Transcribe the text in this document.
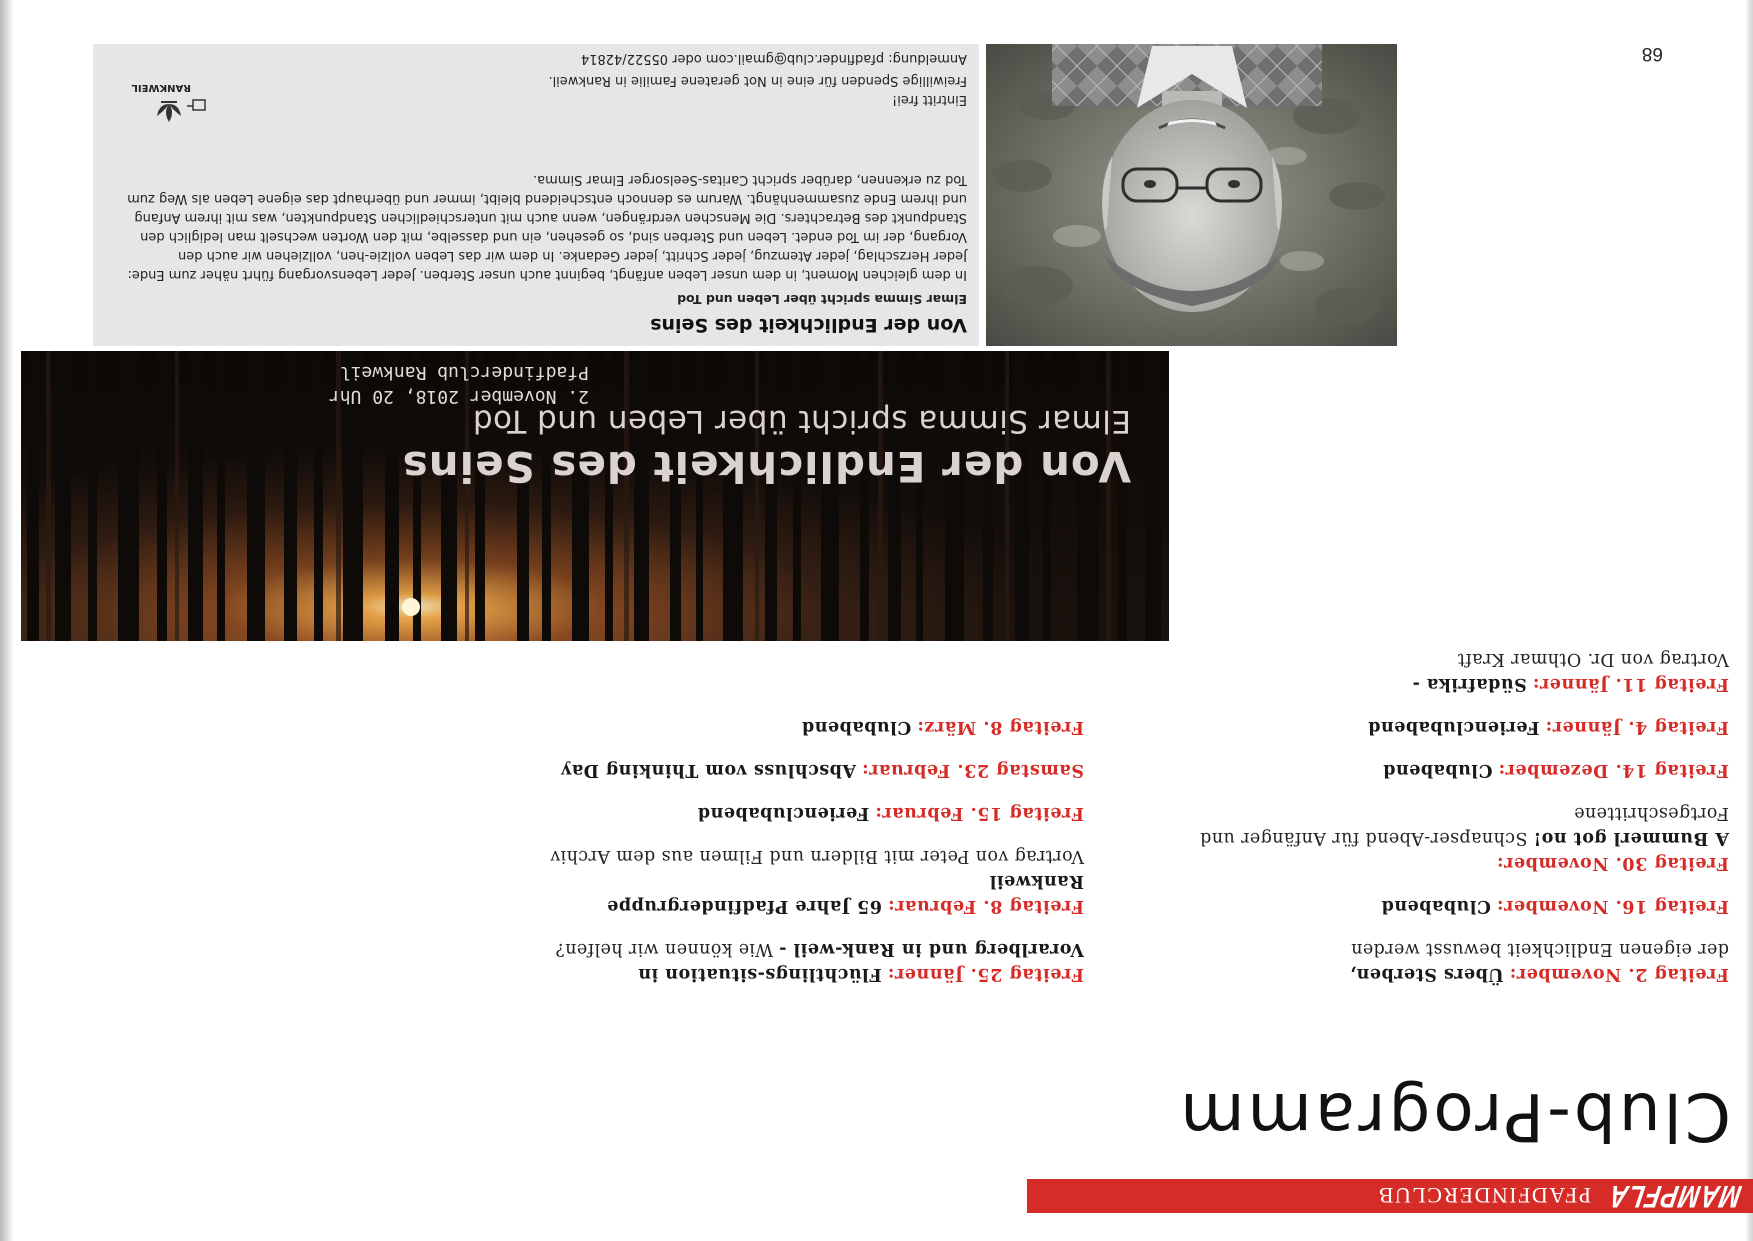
68
MAMPFLA
PFADFINDERCLUB
Club-Programm

Freitag 2. November: Übers Sterben,
der eigenen Endlichkeit bewusst werden

Freitag 16. November: Clubabend

Freitag 30. November:
A Bummerl got no! Schnapser-Abend für Anfänger und Fortgeschrittene

Freitag 14. Dezember: Clubabend

Freitag 4. Jänner: Ferienclubabend

Freitag 11. Jänner: Südafrika -
Vortrag von Dr. Othmar Kraft

Freitag 25. Jänner: Flüchtlings-situation in Vorarlberg und in Rank-weil - Wie können wir helfen?

Freitag 8. Februar: 65 Jahre Pfadfindergruppe Rankweil
Vortrag von Peter mit Bildern und Filmen aus dem Archiv

Freitag 15. Februar: Ferienclubabend

Samstag 23. Februar: Abschluss vom Thinking Day

Freitag 8. März: Clubabend

Von der Endlichkeit des Seins
Elmar Simma spricht über Leben und Tod
2. November 2018, 20 Uhr
Pfadfinderclub Rankweil
Von der Endlichkeit des Seins
Elmar Simma spricht über Leben und Tod

In dem gleichen Moment, in dem unser Leben anfängt, beginnt auch unser Sterben. Jeder Lebensvorgang führt näher zum Ende: Jeder Herzschlag, jeder Atemzug, jeder Schritt, jeder Gedanke. In dem wir das Leben vollzie-hen, vollziehen wir auch den Vorgang, der im Tod endet. Leben und Sterben sind, so gesehen, ein und dasselbe, mit den Worten wechselt man lediglich den Standpunkt des Betrachters. Die Menschen verdrängen, wenn auch mit unterschiedlichen Standpunkten, was mit ihrem Anfang und ihrem Ende zusammenhängt. Warum es dennoch entscheidend bleibt, immer und überhaupt das eigene Leben als Weg zum Tod zu erkennen, darüber spricht Caritas-Seelsorger Elmar Simma.

Eintritt frei!
Freiwillige Spenden für eine in Not geratene Familie in Rankweil.
Anmeldung: pfadfinder.club@gmail.com oder 05522/42814
RANKWEIL
